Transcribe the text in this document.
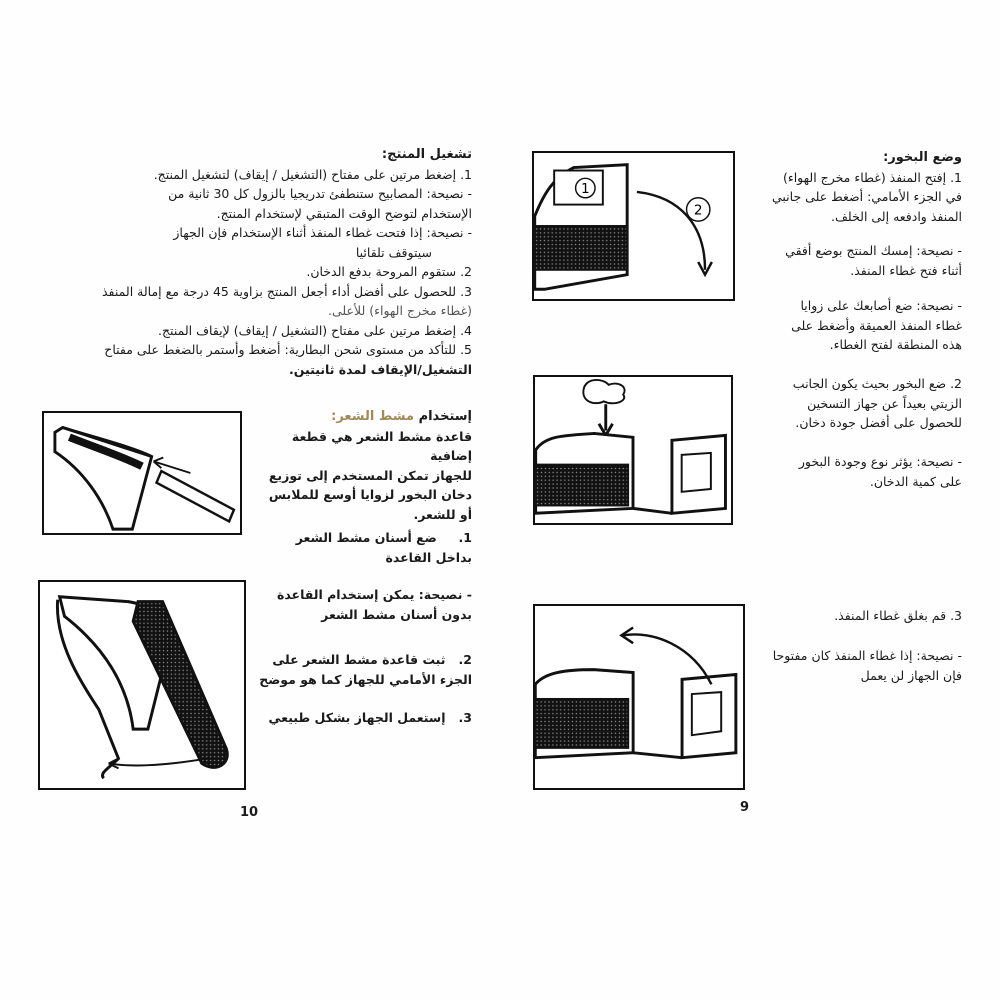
تشغيل المنتج:

1. إضغط مرتين على مفتاح (التشغيل / إيقاف) لتشغيل المنتج.

- نصيحة: المصابيح ستنطفئ تدريجيا بالزول كل 30 ثانية من

الإستخدام لتوضح الوقت المتبقي لإستخدام المنتج.

- نصيحة: إذا فتحت غطاء المنفذ أثناء الإستخدام فإن الجهاز

سيتوقف تلقائيا

2. ستقوم المروحة بدفع الدخان.

3. للحصول على أفضل أداء أجعل المنتج بزاوية 45 درجة مع إمالة المنفذ

(غطاء مخرج الهواء) للأعلى.

4. إضغط مرتين على مفتاح (التشغيل / إيقاف) لإيقاف المنتج.

5. للتأكد من مستوى شحن البطارية: أضغط وأستمر بالضغط على مفتاح

التشغيل/الإيقاف لمدة ثانيتين.

إستخدام مشط الشعر:

قاعدة مشط الشعر هي قطعة إضافية

للجهاز تمكن المستخدم إلى توزيع

دخان البخور لزوايا أوسع للملابس

أو للشعر.

1.     ضع أسنان مشط الشعر

بداخل القاعدة

- نصيحة: يمكن إستخدام القاعدة

بدون أسنان مشط الشعر

2.   ثبت قاعدة مشط الشعر على

الجزء الأمامي للجهاز كما هو موضح

3.   إستعمل الجهاز بشكل طبيعي

10
1
2

وضع البخور:

1. إفتح المنفذ (غطاء مخرج الهواء)

في الجزء الأمامي: أضغط على جانبي

المنفذ وادفعه إلى الخلف.

- نصيحة: إمسك المنتج بوضع أفقي

أثناء فتح غطاء المنفذ.

- نصيحة: ضع أصابعك على زوايا

غطاء المنفذ العميقة وأضغط على

هذه المنطقة لفتح الغطاء.

2. ضع البخور بحيث يكون الجانب

الزيتي بعيداً عن جهاز التسخين

للحصول على أفضل جودة دخان.

- نصيحة: يؤثر نوع وجودة البخور

على كمية الدخان.

3. قم بغلق غطاء المنفذ.

- نصيحة: إذا غطاء المنفذ كان مفتوحا

فإن الجهاز لن يعمل

9
